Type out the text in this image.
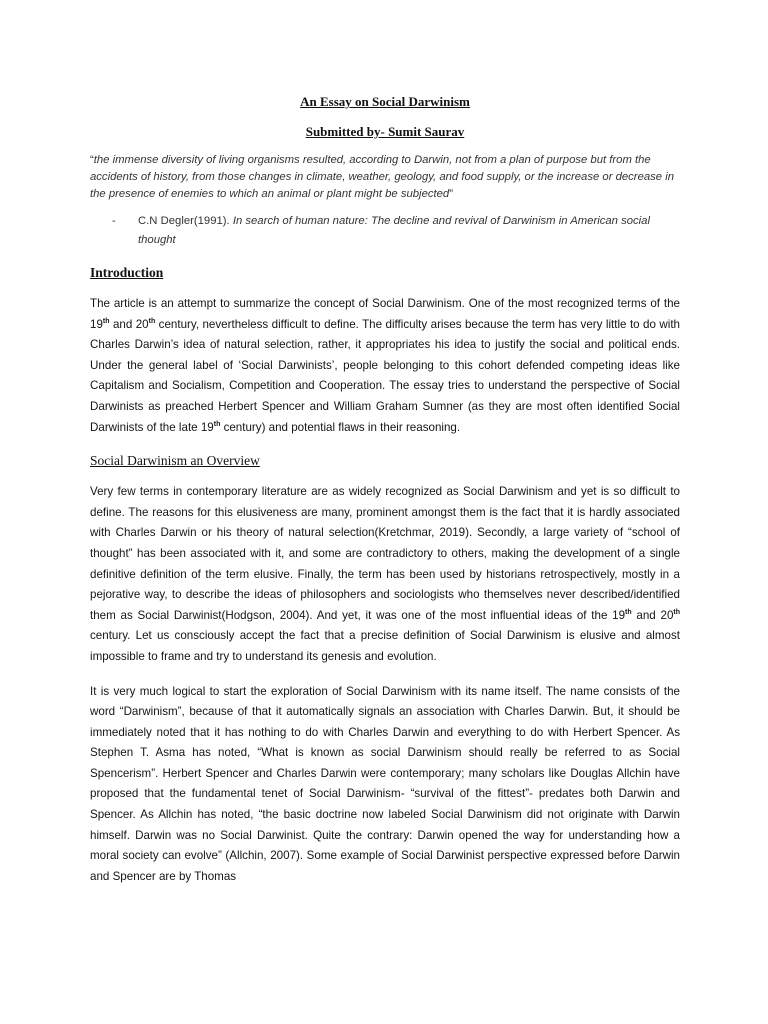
An Essay on Social Darwinism

Submitted by- Sumit Saurav

“the immense diversity of living organisms resulted, according to Darwin, not from a plan of purpose but from the accidents of history, from those changes in climate, weather, geology, and food supply, or the increase or decrease in the presence of enemies to which an animal or plant might be subjected”

-	C.N Degler(1991). In search of human nature: The decline and revival of Darwinism in American social thought
Introduction

The article is an attempt to summarize the concept of Social Darwinism. One of the most recognized terms of the 19th and 20th century, nevertheless difficult to define. The difficulty arises because the term has very little to do with Charles Darwin’s idea of natural selection, rather, it appropriates his idea to justify the social and political ends. Under the general label of ‘Social Darwinists’, people belonging to this cohort defended competing ideas like Capitalism and Socialism, Competition and Cooperation. The essay tries to understand the perspective of Social Darwinists as preached Herbert Spencer and William Graham Sumner (as they are most often identified Social Darwinists of the late 19th century) and potential flaws in their reasoning.

Social Darwinism an Overview

Very few terms in contemporary literature are as widely recognized as Social Darwinism and yet is so difficult to define. The reasons for this elusiveness are many, prominent amongst them is the fact that it is hardly associated with Charles Darwin or his theory of natural selection(Kretchmar, 2019). Secondly, a large variety of “school of thought” has been associated with it, and some are contradictory to others, making the development of a single definitive definition of the term elusive. Finally, the term has been used by historians retrospectively, mostly in a pejorative way, to describe the ideas of philosophers and sociologists who themselves never described/identified them as Social Darwinist(Hodgson, 2004). And yet, it was one of the most influential ideas of the 19th and 20th century. Let us consciously accept the fact that a precise definition of Social Darwinism is elusive and almost impossible to frame and try to understand its genesis and evolution.

It is very much logical to start the exploration of Social Darwinism with its name itself. The name consists of the word “Darwinism”, because of that it automatically signals an association with Charles Darwin. But, it should be immediately noted that it has nothing to do with Charles Darwin and everything to do with Herbert Spencer. As Stephen T. Asma has noted, “What is known as social Darwinism should really be referred to as Social Spencerism”. Herbert Spencer and Charles Darwin were contemporary; many scholars like Douglas Allchin have proposed that the fundamental tenet of Social Darwinism- “survival of the fittest”- predates both Darwin and Spencer. As Allchin has noted, “the basic doctrine now labeled Social Darwinism did not originate with Darwin himself. Darwin was no Social Darwinist. Quite the contrary: Darwin opened the way for understanding how a moral society can evolve” (Allchin, 2007). Some example of Social Darwinist perspective expressed before Darwin and Spencer are by Thomas
